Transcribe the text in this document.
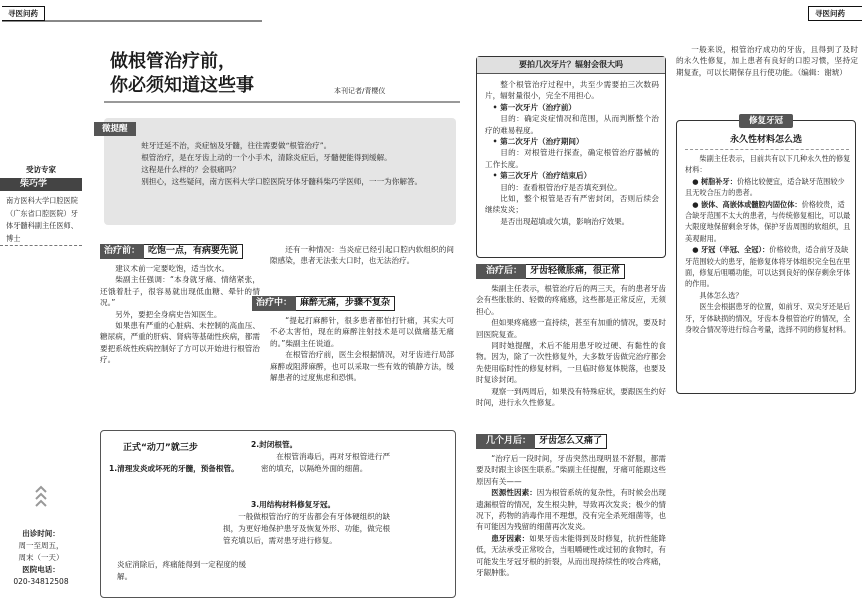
寻医问药	寻医问药
受访专家
柴巧学
南方医科大学口腔医院（广东省口腔医院）牙体牙髓科副主任医师、博士
出诊时间：
周一至周五，
周末（一天）
医院电话：
020-34812508
做根管治疗前，
你必须知道这些事	本刊记者/青樱仪
微提醒
蛀牙迁延不治，炎症恼及牙髓，往往需要做“根管治疗”。
根管治疗，是在牙齿上动的一个小手术，清除炎症后，牙髓便能得到缓解。
这程是什么样的？会很痛吗？
别担心，这些疑问，南方医科大学口腔医院牙体牙髓科柴巧学医师，一一为你解答。
治疗前： 吃饱一点，有病要先说

建议术前一定要吃饱，适当饮水。

柴副主任强调：“本身就牙痛、情绪紧张，还饿着肚子，很容易就出现低血糖、晕针的情况。”

另外，要把全身病史告知医生。

如果患有严重的心脏病、未控制的高血压、糖尿病，严重的肝病、肾病等基础性疾病，都需要把系统性疾病控制好了方可以开始进行根管治疗。

还有一种情况：当炎症已经引起口腔内软组织的间隙感染，患者无法张大口时，也无法治疗。

治疗中： 麻醉无痛，步骤不复杂

“提起打麻醉针，很多患者都怕打针痛，其实大可不必太害怕，现在的麻醉注射技术是可以做痛基无痛的。”柴副主任说道。

在根管治疗前，医生会根据情况，对牙齿进行局部麻醉或阻滞麻醉，也可以采取一些有效的镇静方法，缓解患者的过度焦虑和恐惧。

正式“动刀”就三步
1.清理发炎或坏死的牙髓，预备根管。
炎症消除后，疼痛能得到一定程度的缓解。
2.封闭根管。
在根管消毒后，再对牙根管进行严密的填充，以隔绝外面的细菌。
3.用结构材料修复牙冠。
一般做根管治疗的牙齿都会有牙体硬组织的缺损，为更好地保护患牙及恢复外形、功能，做完根管充填以后，需对患牙进行修复。
要拍几次牙片？辐射会很大吗

整个根管治疗过程中，共至少需要拍三次数码片，辐射量很小，完全不用担心。

• 第一次牙片（治疗前）

目的：确定炎症情况和范围，从而判断整个治疗的难易程度。

• 第二次牙片（治疗期间）

目的：对根管进行探查，确定根管治疗器械的工作长度。

• 第三次牙片（治疗结束后）

目的：查看根管治疗是否填充到位。

比如，整个根管是否有严密封闭，否则后续会继续发炎；

是否出现超填或欠填，影响治疗效果。

治疗后： 牙齿轻微胀痛，很正常

柴副主任表示，根管治疗后的两三天，有的患者牙齿会有些胀胀的、轻微的疼痛感，这些都是正常反应，无须担心。

但如果疼痛感一直持续，甚至有加重的情况，要及时回医院复查。

同时她提醒，术后不能用患牙咬过硬、有黏性的食物。因为，除了一次性修复外，大多数牙齿做完治疗都会先使用临时性的修复材料，一旦临时修复体脱落，也要及时复诊封闭。

观察一到两周后，如果没有特殊症状，要跟医生约好时间，进行永久性修复。

几个月后： 牙齿怎么又痛了

“治疗后一段时间，牙齿突然出现明显不舒服，都需要及时跟主诊医生联系。”柴副主任提醒，牙痛可能跟这些原因有关——

医源性因素：因为根管系统的复杂性，有时候会出现遗漏根管的情况，发生根尖肿，导致再次发炎；极少的情况下，药物的消毒作用不理想，没有完全杀死细菌等，也有可能因为残留的细菌再次发炎。

患牙因素：如果牙齿未能得到及时修复，抗折性能降低，无法承受正常咬合，当咀嚼硬性或过韧的食物时，有可能发生牙冠牙根的折裂，从而出现持续性的咬合疼痛，牙龈肿胀。

一般来说，根管治疗成功的牙齿，且得到了及时的永久性修复，加上患者有良好的口腔习惯，坚持定期复查，可以长期保存且行使功能。（编辑：谢琥）

修复牙冠
永久性材料怎么选
柴副主任表示，目前共有以下几种永久性的修复材料：
● 树脂补牙：价格比较便宜，适合缺牙范围较少且无咬合压力的患者。
● 嵌体、高嵌体或髓腔内固位体：价格较贵，适合缺牙范围不太大的患者，与传统修复相比，可以最大限度地保留剩余牙体，保护牙齿周围的软组织，且美观耐用。
● 牙冠（半冠、全冠）：价格较贵，适合前牙及缺牙范围较大的患牙，能修复体将牙体组织完全包在里面，修复后咀嚼功能，可以达到良好的保存剩余牙体的作用。
具体怎么选？
医生会根据患牙的位置，如前牙、双尖牙还是后牙，牙体缺损的情况，牙齿本身根管治疗的情况，全身咬合情况等进行综合考量，选择不同的修复材料。
